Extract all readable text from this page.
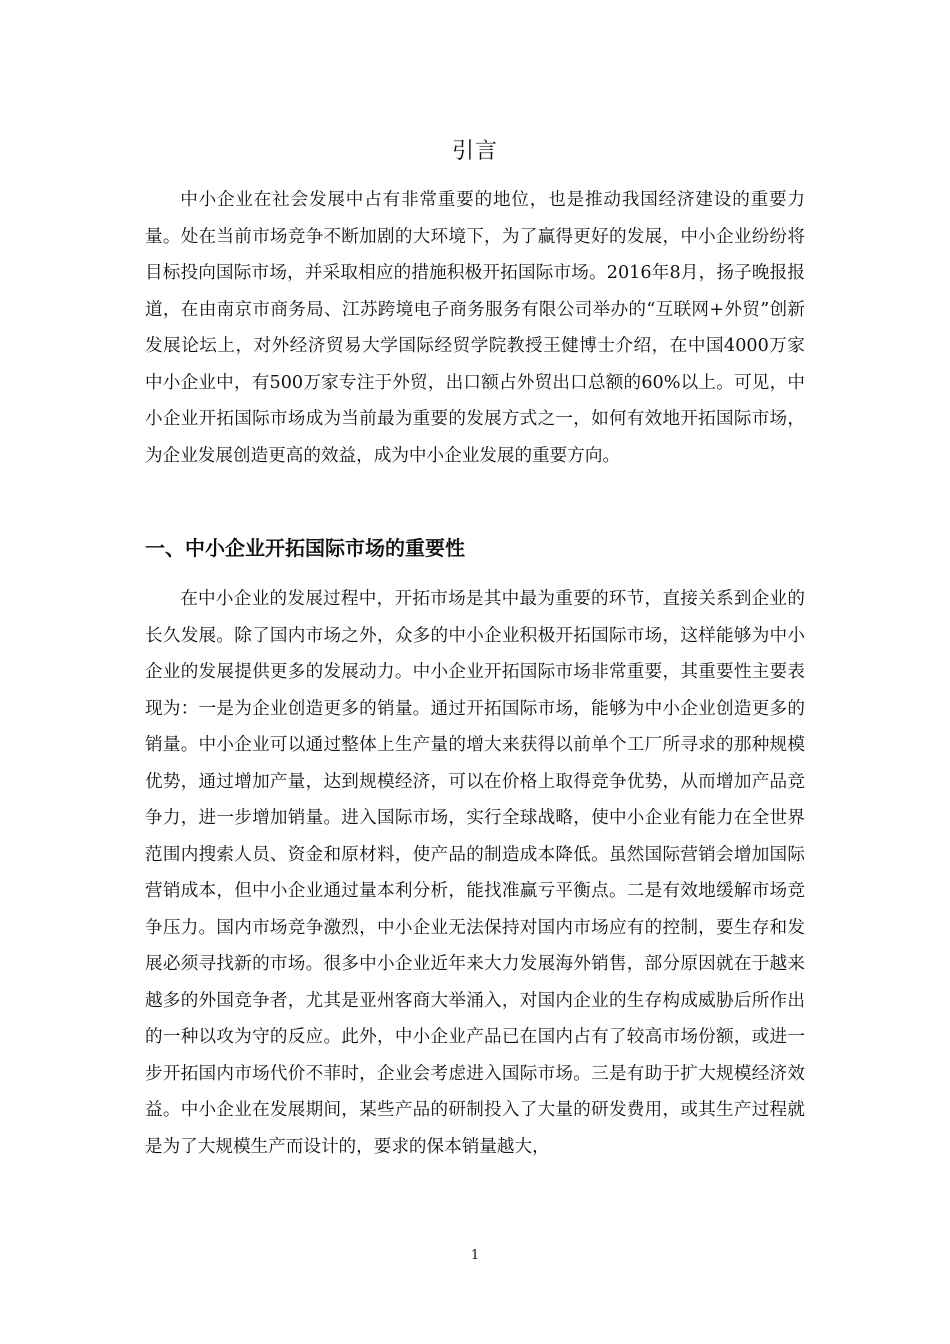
引言

中小企业在社会发展中占有非常重要的地位，也是推动我国经济建设的重要力量。处在当前市场竞争不断加剧的大环境下，为了赢得更好的发展，中小企业纷纷将目标投向国际市场，并采取相应的措施积极开拓国际市场。2016年8月，扬子晚报报道，在由南京市商务局、江苏跨境电子商务服务有限公司举办的“互联网+外贸”创新发展论坛上，对外经济贸易大学国际经贸学院教授王健博士介绍，在中国4000万家中小企业中，有500万家专注于外贸，出口额占外贸出口总额的60%以上。可见，中小企业开拓国际市场成为当前最为重要的发展方式之一，如何有效地开拓国际市场，为企业发展创造更高的效益，成为中小企业发展的重要方向。

一、中小企业开拓国际市场的重要性

在中小企业的发展过程中，开拓市场是其中最为重要的环节，直接关系到企业的长久发展。除了国内市场之外，众多的中小企业积极开拓国际市场，这样能够为中小企业的发展提供更多的发展动力。中小企业开拓国际市场非常重要，其重要性主要表现为：一是为企业创造更多的销量。通过开拓国际市场，能够为中小企业创造更多的销量。中小企业可以通过整体上生产量的增大来获得以前单个工厂所寻求的那种规模优势，通过增加产量，达到规模经济，可以在价格上取得竞争优势，从而增加产品竞争力，进一步增加销量。进入国际市场，实行全球战略，使中小企业有能力在全世界范围内搜索人员、资金和原材料，使产品的制造成本降低。虽然国际营销会增加国际营销成本，但中小企业通过量本利分析，能找准赢亏平衡点。二是有效地缓解市场竞争压力。国内市场竞争激烈，中小企业无法保持对国内市场应有的控制，要生存和发展必须寻找新的市场。很多中小企业近年来大力发展海外销售，部分原因就在于越来越多的外国竞争者，尤其是亚州客商大举涌入，对国内企业的生存构成威胁后所作出的一种以攻为守的反应。此外，中小企业产品已在国内占有了较高市场份额，或进一步开拓国内市场代价不菲时，企业会考虑进入国际市场。三是有助于扩大规模经济效益。中小企业在发展期间，某些产品的研制投入了大量的研发费用，或其生产过程就是为了大规模生产而设计的，要求的保本销量越大，

1
